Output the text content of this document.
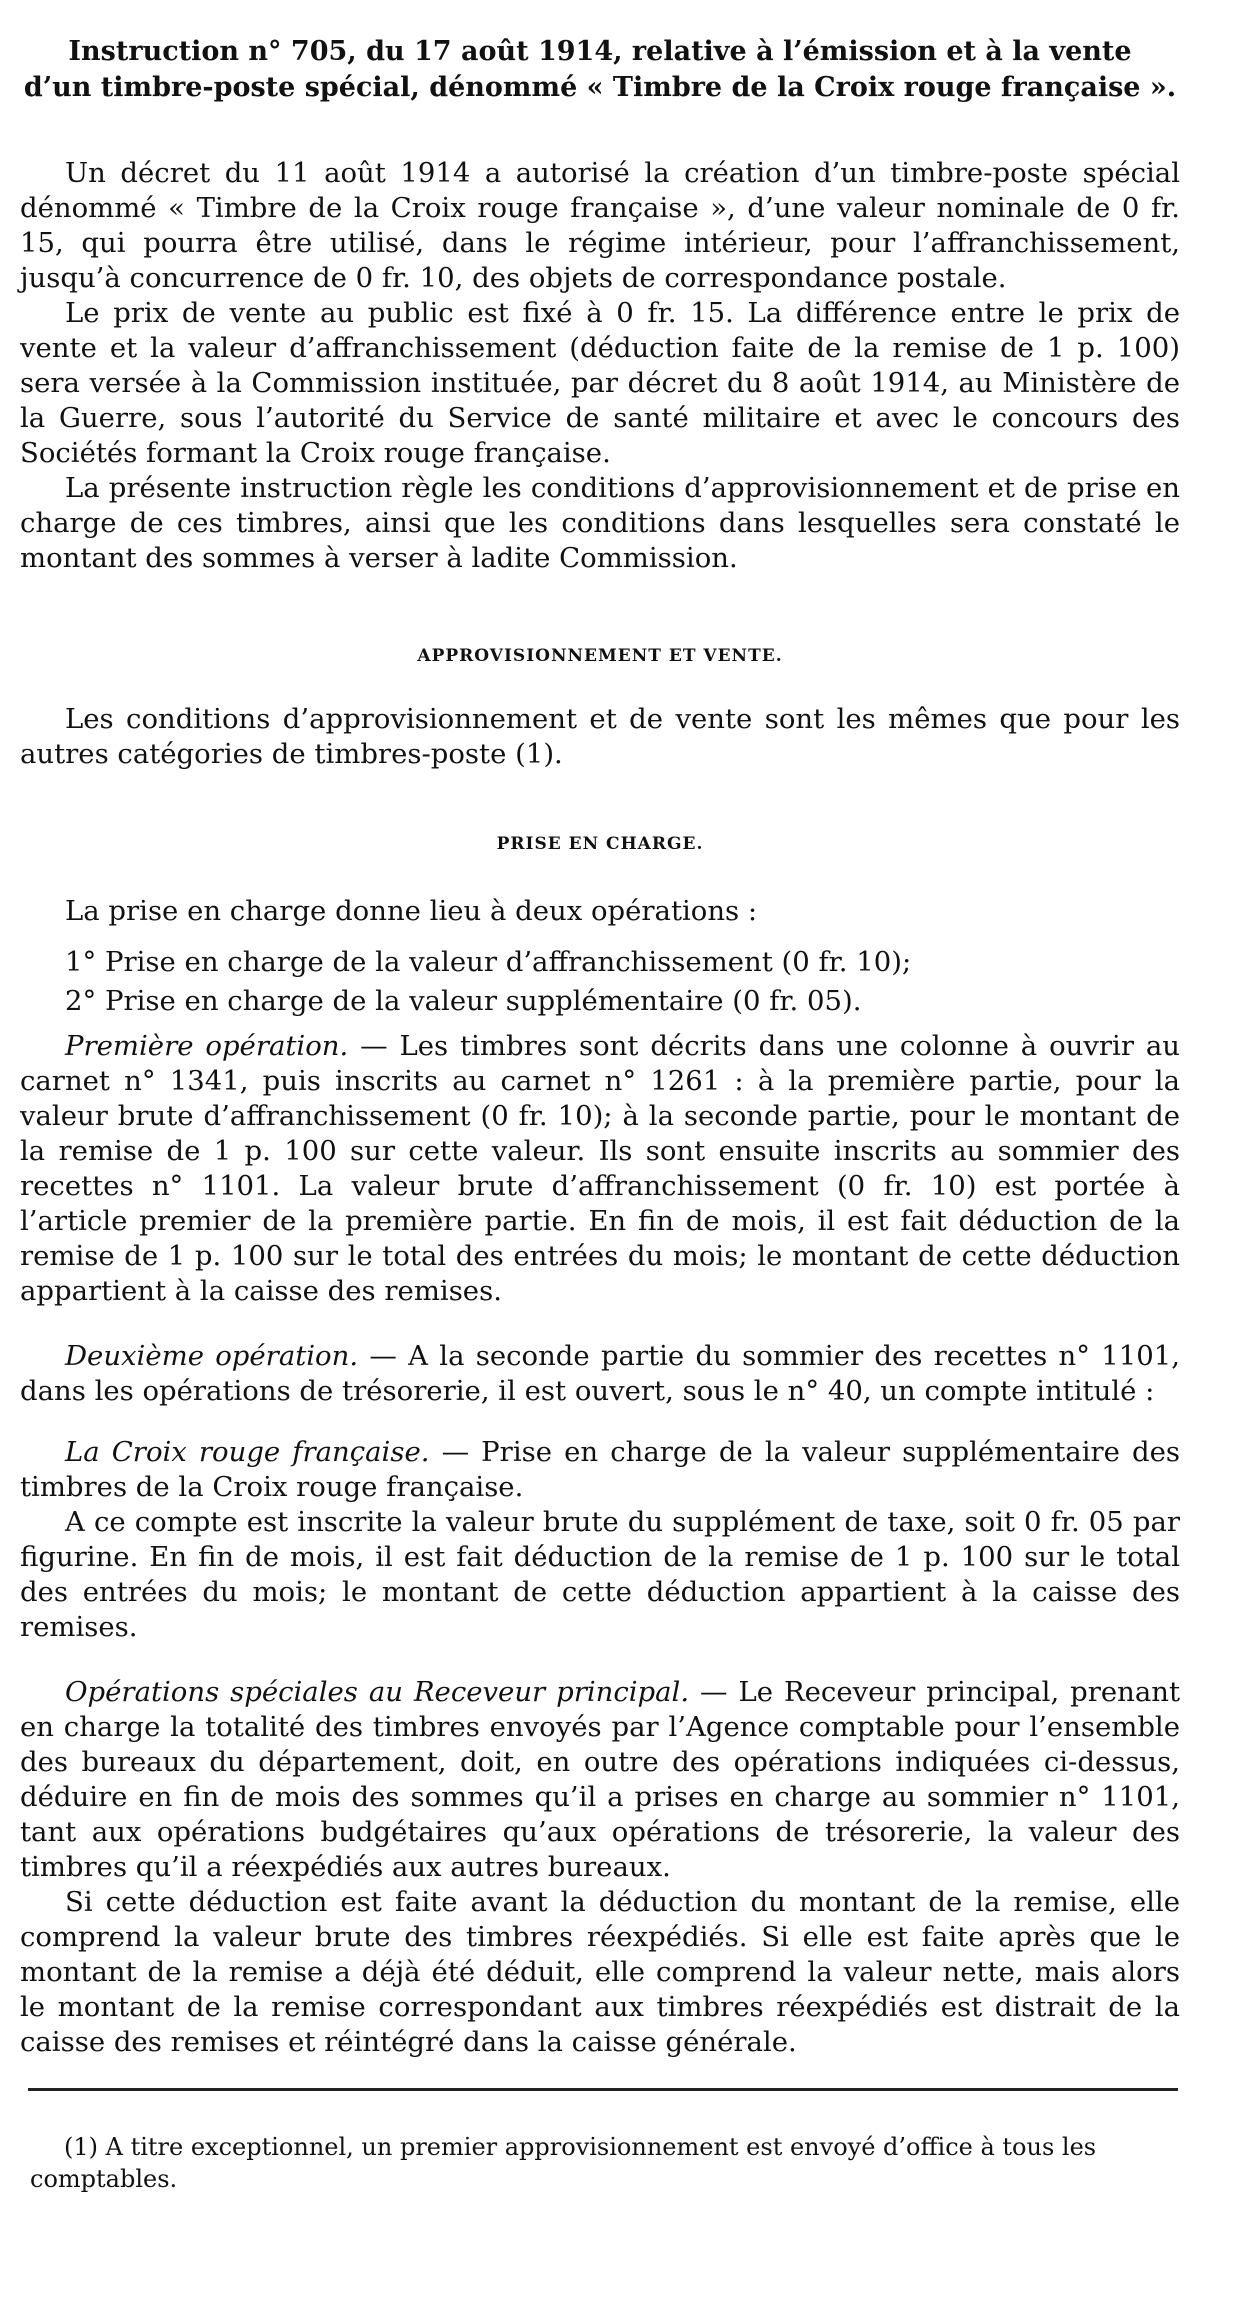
Instruction n° 705, du 17 août 1914, relative à l’émission et à la vente
d’un timbre-poste spécial, dénommé « Timbre de la Croix rouge française ».

Un décret du 11 août 1914 a autorisé la création d’un timbre-poste spécial dénommé « Timbre de la Croix rouge française », d’une valeur nominale de 0 fr. 15, qui pourra être utilisé, dans le régime intérieur, pour l’affranchissement, jusqu’à concurrence de 0 fr. 10, des objets de correspondance postale.

Le prix de vente au public est fixé à 0 fr. 15. La différence entre le prix de vente et la valeur d’affranchissement (déduction faite de la remise de 1 p. 100) sera versée à la Commission instituée, par décret du 8 août 1914, au Ministère de la Guerre, sous l’autorité du Service de santé militaire et avec le concours des Sociétés formant la Croix rouge française.

La présente instruction règle les conditions d’approvisionnement et de prise en charge de ces timbres, ainsi que les conditions dans lesquelles sera constaté le montant des sommes à verser à ladite Commission.

APPROVISIONNEMENT ET VENTE.

Les conditions d’approvisionnement et de vente sont les mêmes que pour les autres catégories de timbres-poste (1).

PRISE EN CHARGE.

La prise en charge donne lieu à deux opérations :

1° Prise en charge de la valeur d’affranchissement (0 fr. 10);
2° Prise en charge de la valeur supplémentaire (0 fr. 05).

Première opération. — Les timbres sont décrits dans une colonne à ouvrir au carnet n° 1341, puis inscrits au carnet n° 1261 : à la première partie, pour la valeur brute d’affranchissement (0 fr. 10); à la seconde partie, pour le montant de la remise de 1 p. 100 sur cette valeur. Ils sont ensuite inscrits au sommier des recettes n° 1101. La valeur brute d’affranchissement (0 fr. 10) est portée à l’article premier de la première partie. En fin de mois, il est fait déduction de la remise de 1 p. 100 sur le total des entrées du mois; le montant de cette déduction appartient à la caisse des remises.

Deuxième opération. — A la seconde partie du sommier des recettes n° 1101, dans les opérations de trésorerie, il est ouvert, sous le n° 40, un compte intitulé :

La Croix rouge française. — Prise en charge de la valeur supplémentaire des timbres de la Croix rouge française.

A ce compte est inscrite la valeur brute du supplément de taxe, soit 0 fr. 05 par figurine. En fin de mois, il est fait déduction de la remise de 1 p. 100 sur le total des entrées du mois; le montant de cette déduction appartient à la caisse des remises.

Opérations spéciales au Receveur principal. — Le Receveur principal, prenant en charge la totalité des timbres envoyés par l’Agence comptable pour l’ensemble des bureaux du département, doit, en outre des opérations indiquées ci-dessus, déduire en fin de mois des sommes qu’il a prises en charge au sommier n° 1101, tant aux opérations budgétaires qu’aux opérations de trésorerie, la valeur des timbres qu’il a réexpédiés aux autres bureaux.

Si cette déduction est faite avant la déduction du montant de la remise, elle comprend la valeur brute des timbres réexpédiés. Si elle est faite après que le montant de la remise a déjà été déduit, elle comprend la valeur nette, mais alors le montant de la remise correspondant aux timbres réexpédiés est distrait de la caisse des remises et réintégré dans la caisse générale.

(1) A titre exceptionnel, un premier approvisionnement est envoyé d’office à tous les comptables.
